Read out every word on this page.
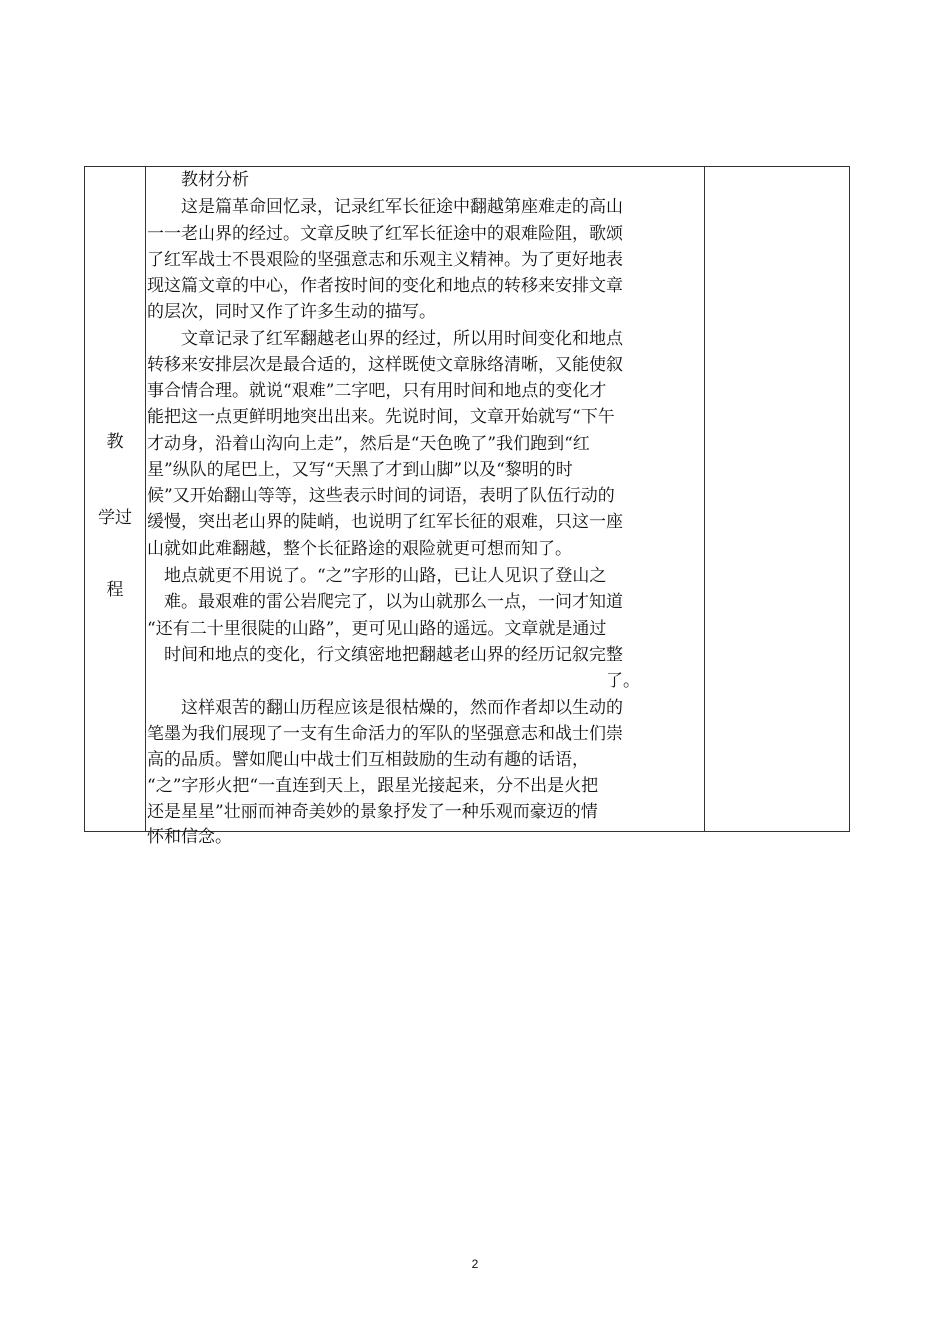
教
学过
程
　　教材分析
　　这是篇革命回忆录，记录红军长征途中翻越第座难走的高山
一一老山界的经过。文章反映了红军长征途中的艰难险阻，歌颂
了红军战士不畏艰险的坚强意志和乐观主义精神。为了更好地表
现这篇文章的中心，作者按时间的变化和地点的转移来安排文章
的层次，同时又作了许多生动的描写。
　　文章记录了红军翻越老山界的经过，所以用时间变化和地点
转移来安排层次是最合适的，这样既使文章脉络清晰，又能使叙
事合情合理。就说“艰难”二字吧，只有用时间和地点的变化才
能把这一点更鲜明地突出出来。先说时间，文章开始就写“下午
才动身，沿着山沟向上走”，然后是“天色晚了”我们跑到“红
星”纵队的尾巴上，又写“天黑了才到山脚”以及“黎明的时
候”又开始翻山等等，这些表示时间的词语，表明了队伍行动的
缓慢，突出老山界的陡峭，也说明了红军长征的艰难，只这一座
山就如此难翻越，整个长征路途的艰险就更可想而知了。
　地点就更不用说了。“之”字形的山路，已让人见识了登山之
　难。最艰难的雷公岩爬完了，以为山就那么一点，一问才知道
“还有二十里很陡的山路”，更可见山路的遥远。文章就是通过
　时间和地点的变化，行文缜密地把翻越老山界的经历记叙完整
　　　　　　　　　　　　　　　　　　　　　　　　　　　了。
　　这样艰苦的翻山历程应该是很枯燥的，然而作者却以生动的
笔墨为我们展现了一支有生命活力的军队的坚强意志和战士们崇
高的品质。譬如爬山中战士们互相鼓励的生动有趣的话语，
“之”字形火把“一直连到天上，跟星光接起来，分不出是火把
还是星星”壮丽而神奇美妙的景象抒发了一种乐观而豪迈的情
怀和信念。
2
